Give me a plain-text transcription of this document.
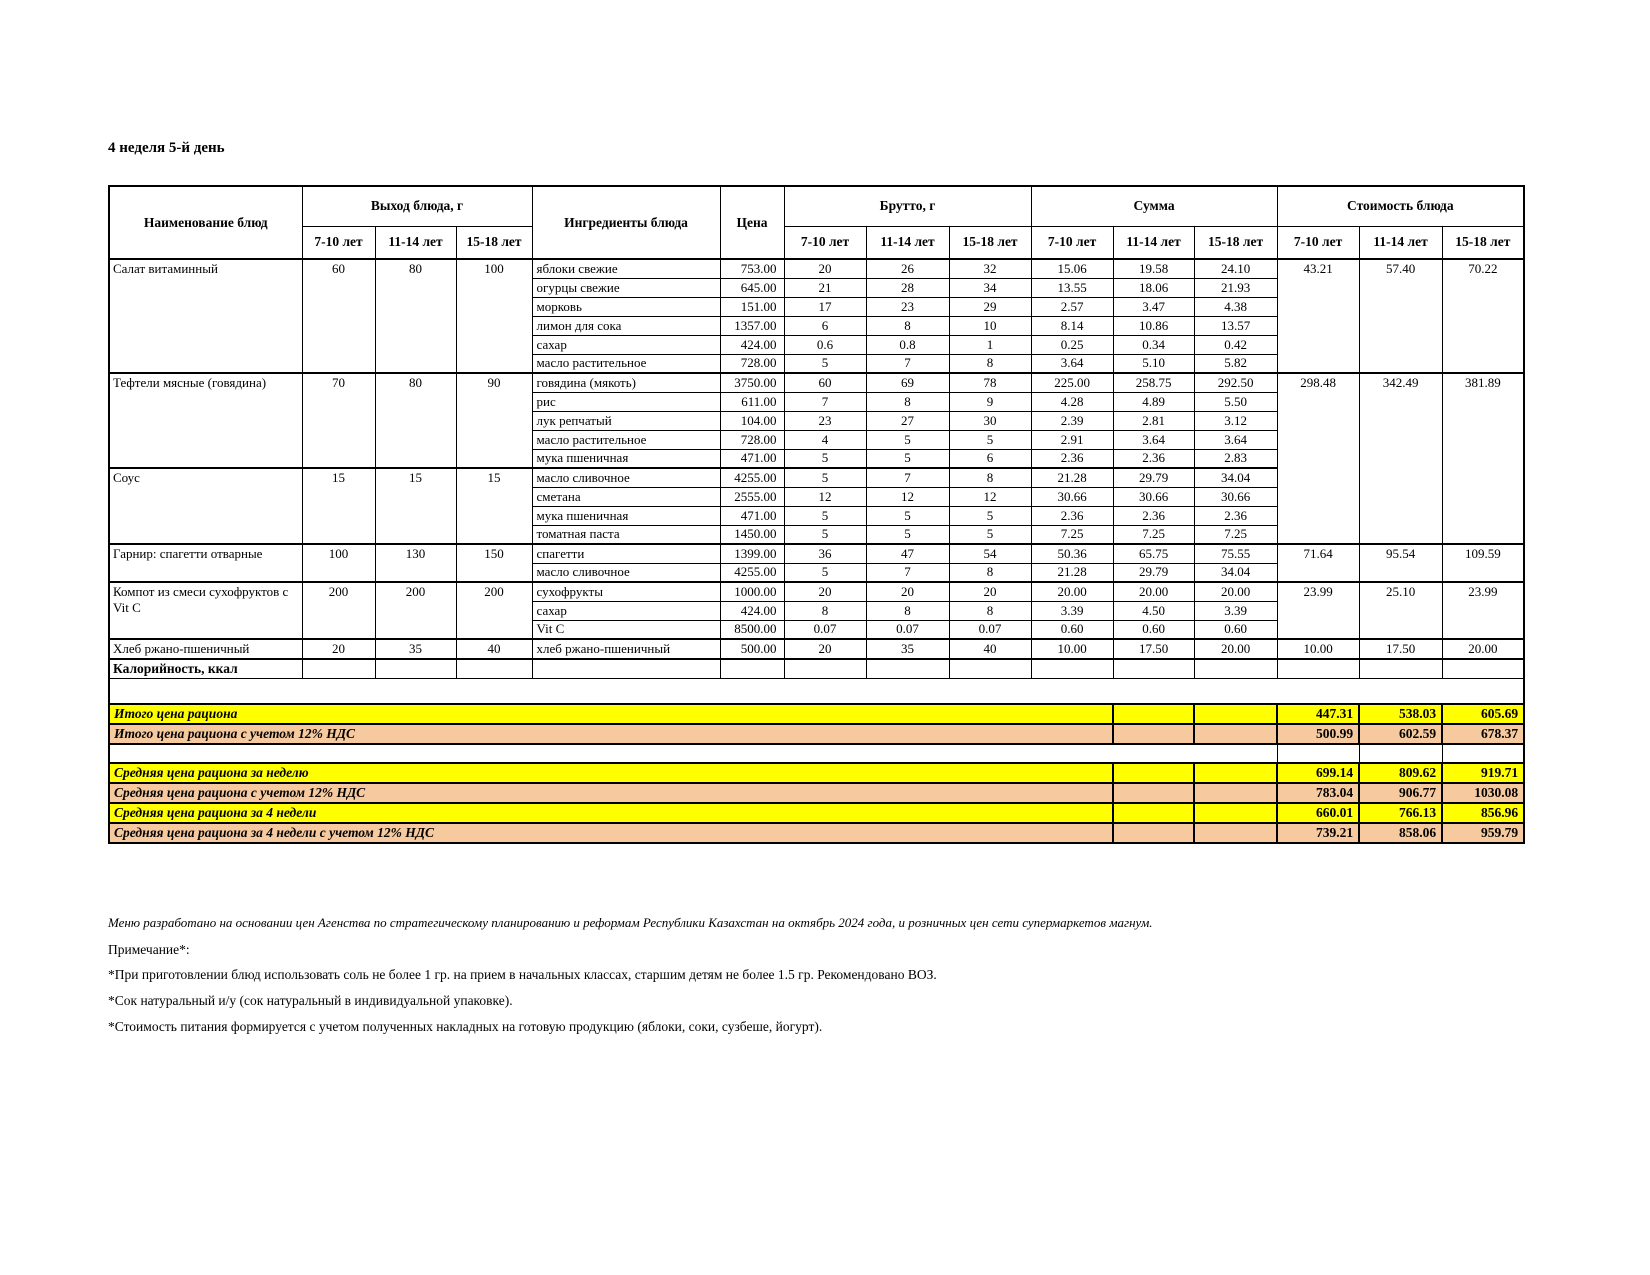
4 неделя 5-й день
Наименование блюд	Выход блюда, г			Ингредиенты блюда	Цена	Брутто, г			Сумма			Стоимость блюда		
	7-10 лет	11-14 лет	15-18 лет			7-10 лет	11-14 лет	15-18 лет	7-10 лет	11-14 лет	15-18 лет	7-10 лет	11-14 лет	15-18 лет
Салат витаминный	60	80	100	яблоки свежие	753.00	20	26	32	15.06	19.58	24.10	43.21	57.40	70.22
				огурцы свежие	645.00	21	28	34	13.55	18.06	21.93			
				морковь	151.00	17	23	29	2.57	3.47	4.38			
				лимон для сока	1357.00	6	8	10	8.14	10.86	13.57			
				сахар	424.00	0.6	0.8	1	0.25	0.34	0.42			
				масло растительное	728.00	5	7	8	3.64	5.10	5.82			
Тефтели мясные (говядина)	70	80	90	говядина (мякоть)	3750.00	60	69	78	225.00	258.75	292.50	298.48	342.49	381.89
				рис	611.00	7	8	9	4.28	4.89	5.50			
				лук репчатый	104.00	23	27	30	2.39	2.81	3.12			
				масло растительное	728.00	4	5	5	2.91	3.64	3.64			
				мука пшеничная	471.00	5	5	6	2.36	2.36	2.83			
Соус	15	15	15	масло сливочное	4255.00	5	7	8	21.28	29.79	34.04			
				сметана	2555.00	12	12	12	30.66	30.66	30.66			
				мука пшеничная	471.00	5	5	5	2.36	2.36	2.36			
				томатная паста	1450.00	5	5	5	7.25	7.25	7.25			
Гарнир: спагетти отварные	100	130	150	спагетти	1399.00	36	47	54	50.36	65.75	75.55	71.64	95.54	109.59
				масло сливочное	4255.00	5	7	8	21.28	29.79	34.04			
Компот из смеси сухофруктов с Vit C	200	200	200	сухофрукты	1000.00	20	20	20	20.00	20.00	20.00	23.99	25.10	23.99
				сахар	424.00	8	8	8	3.39	4.50	3.39			
				Vit C	8500.00	0.07	0.07	0.07	0.60	0.60	0.60			
Хлеб ржано-пшеничный	20	35	40	хлеб ржано-пшеничный	500.00	20	35	40	10.00	17.50	20.00	10.00	17.50	20.00
Калорийность, ккал														

Итого цена рациона												447.31	538.03	605.69
Итого цена рациона с учетом 12% НДС												500.99	602.59	678.37

Средняя цена рациона за неделю												699.14	809.62	919.71
Средняя цена рациона с учетом 12% НДС												783.04	906.77	1030.08
Средняя цена рациона за 4 недели												660.01	766.13	856.96
Средняя цена рациона за 4 недели с учетом 12% НДС												739.21	858.06	959.79

Меню разработано на основании цен Агенства по стратегическому планированию и реформам Республики Казахстан на октябрь 2024 года, и розничных цен сети супермаркетов магнум.

Примечание*:

*При приготовлении блюд использовать соль не более 1 гр. на прием в начальных классах, старшим детям не более 1.5 гр. Рекомендовано ВОЗ.

*Сок натуральный и/у (сок натуральный в индивидуальной упаковке).

*Стоимость питания формируется с учетом полученных накладных на готовую продукцию (яблоки, соки, сузбеше, йогурт).
